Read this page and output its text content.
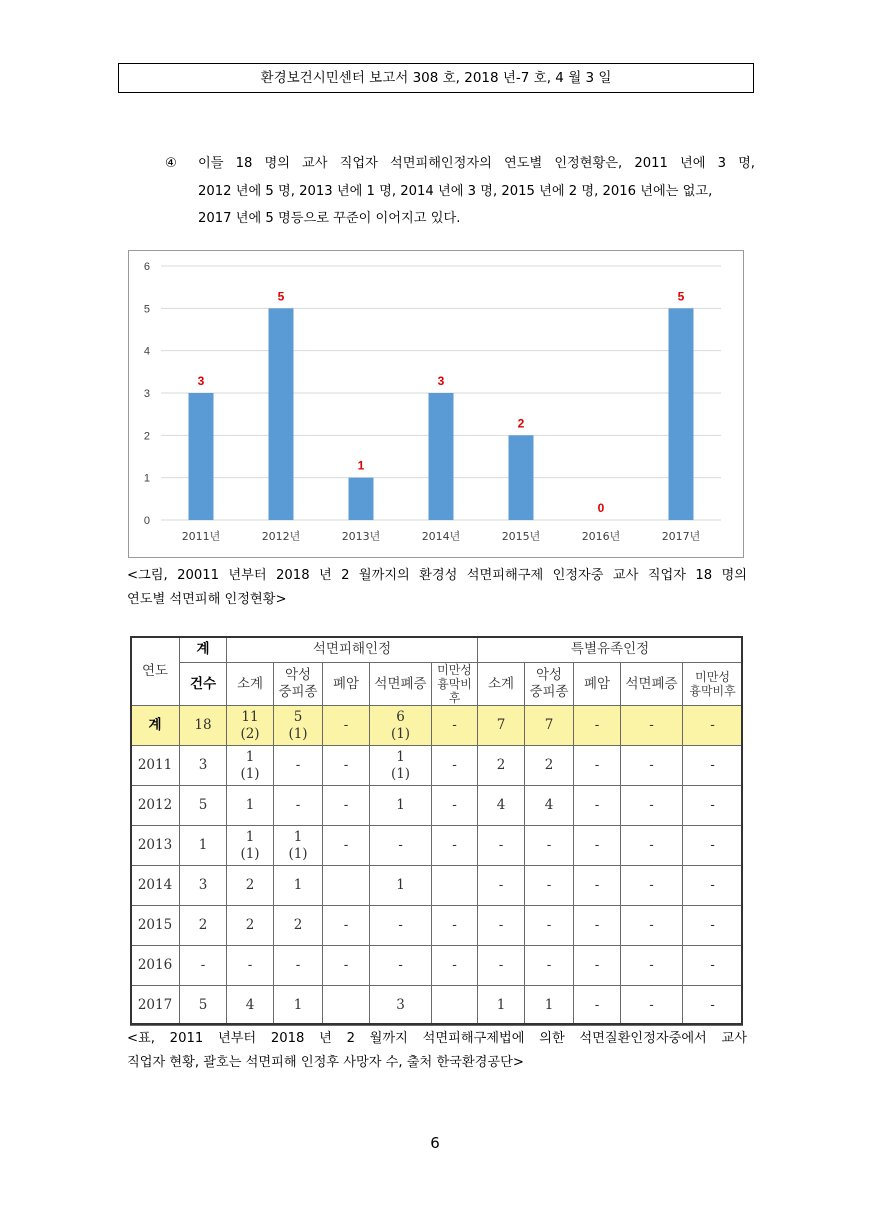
환경보건시민센터 보고서 308 호, 2018 년-7 호, 4 월 3 일
④	이들 18 명의 교사 직업자 석면피해인정자의 연도별 인정현황은, 2011 년에 3 명,
2012 년에 5 명, 2013 년에 1 명, 2014 년에 3 명, 2015 년에 2 명, 2016 년에는 없고,
2017 년에 5 명등으로 꾸준이 이어지고 있다.
0
1
2
3
4
5
6
3
2011년
5
2012년
1
2013년
3
2014년
2
2015년
0
2016년
5
2017년
<그림, 20011 년부터 2018 년 2 월까지의 환경성 석면피해구제 인정자중 교사 직업자 18 명의
연도별 석면피해 인정현황>
연도	계	석면피해인정					특별유족인정				
	건수	소계	악성
중피종	폐암	석면폐증	미만성
흉막비후	소계	악성
중피종	폐암	석면폐증	미만성
흉막비후
계	18	11
(2)	5
(1)	-	6
(1)	-	7	7	-	-	-
2011	3	1
(1)	-	-	1
(1)	-	2	2	-	-	-
2012	5	1	-	-	1	-	4	4	-	-	-
2013	1	1
(1)	1
(1)	-	-	-	-	-	-	-	-
2014	3	2	1		1		-	-	-	-	-
2015	2	2	2	-	-	-	-	-	-	-	-
2016	-	-	-	-	-	-	-	-	-	-	-
2017	5	4	1		3		1	1	-	-	-
<표, 2011 년부터 2018 년 2 월까지 석면피해구제법에 의한 석면질환인정자중에서 교사
직업자 현황, 괄호는 석면피해 인정후 사망자 수, 출처 한국환경공단>
6
